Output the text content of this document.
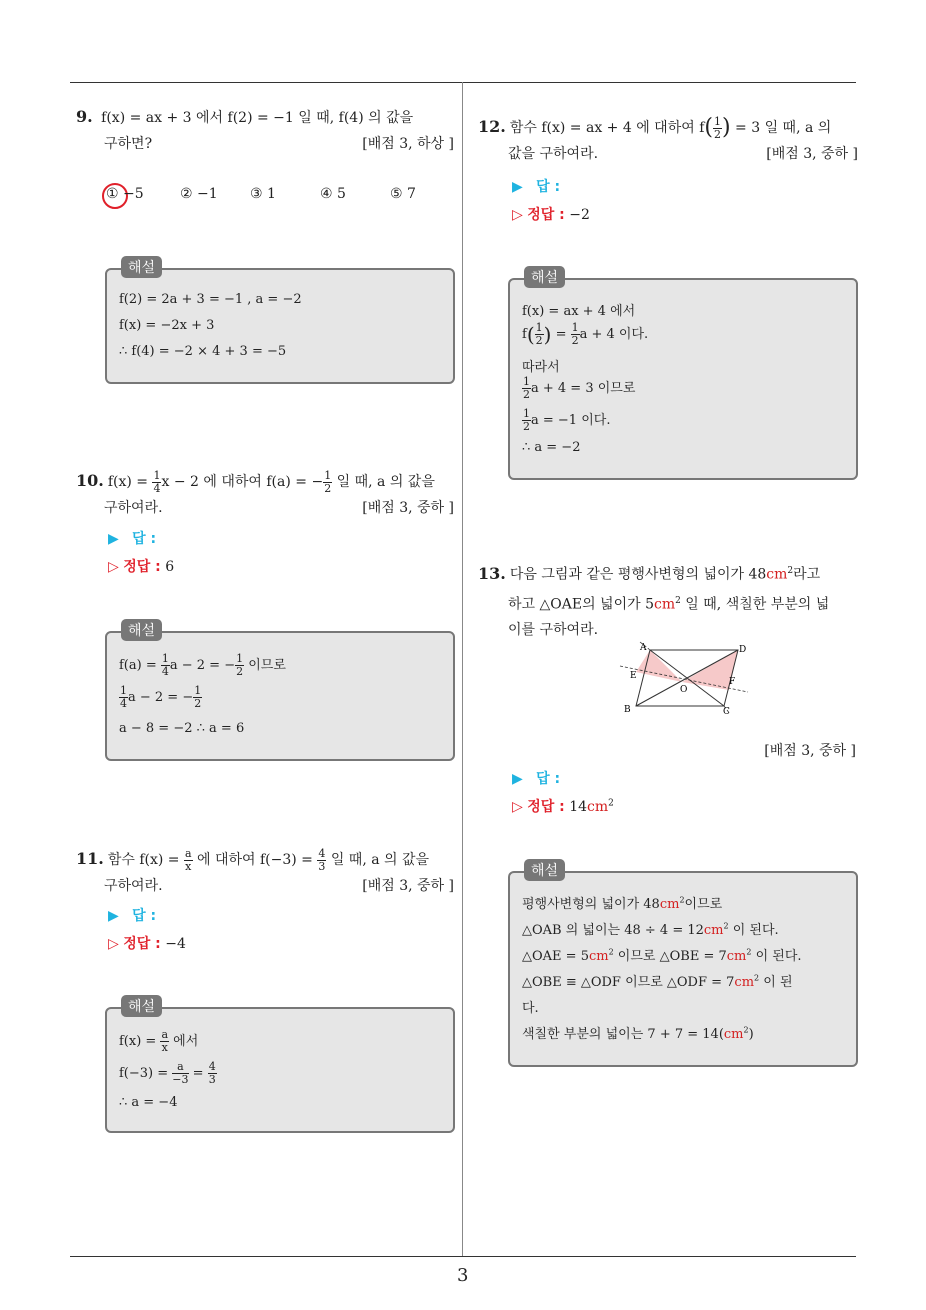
3
9. f(x) = ax + 3 에서 f(2) = −1 일 때, f(4) 의 값을
구하면?	[배점 3, 하상 ]
① −5	② −1 ③ 1	④ 5	⑤ 7
해설
f(2) = 2a + 3 = −1 , a = −2
f(x) = −2x + 3
∴ f(4) = −2 × 4 + 3 = −5
10. $f(x) = \frac{1}{4}$ x − 2 에 대하여 f(a) = − $\frac{1}{2}$ 일 때, a 의 값을
구하여라.	[배점 3, 중하 ]
▶ 답 :
▷ 정답 : 6
해설
$f(a) = \frac{1}{4}$ a − 2 = − $\frac{1}{2}$ 이므로
$\frac{1}{4}$ a − 2 = − $\frac{1}{2}$
a − 8 = −2 ∴ a = 6
11. 함수 $f(x) = \frac{a}{x}$ 에 대하여 $f(-3) = \frac{4}{3}$ 일 때, a 의 값을
구하여라.	[배점 3, 중하 ]
▶ 답 :
▷ 정답 : −4
해설
$f(x) = \frac{a}{x}$ 에서
$f(-3) = \frac{a}{-3} = \frac{4}{3}$
∴ a = −4
12. 함수 f(x) = ax + 4 에 대하여 $f( \frac{1}{2}$ ) = 3 일 때, a 의
값을 구하여라.	[배점 3, 중하 ]
▶ 답 :
▷ 정답 : −2
해설
f(x) = ax + 4 에서
$f( \frac{1}{2}$ ) = $\frac{1}{2}$ a + 4 이다.
따라서
$\frac{1}{2}$ a + 4 = 3 이므로
$\frac{1}{2}$ a = −1 이다.
∴ a = −2
13. 다음 그림과 같은 평행사변형의 넓이가 $48cm^2$라고
하고 △OAE의 넓이가 $5cm^2$ 일 때, 색칠한 부분의 넓
이를 구하여라.
A	D
E
F
O
B	C
[배점 3, 중하 ]
▶ 답 :
▷ 정답 : $14cm^2$
해설
평행사변형의 넓이가 $48cm^2$이므로
△OAB 의 넓이는 $48 \div 4 = 12cm^2$ 이 된다.
△OAE = $5cm^2$ 이므로 △OBE = $7cm^2$ 이 된다.
△OBE ≡ △ODF 이므로 △ODF = $7cm^2$ 이 된
다.
색칠한 부분의 넓이는 $7 + 7 = 14(cm^2)$
